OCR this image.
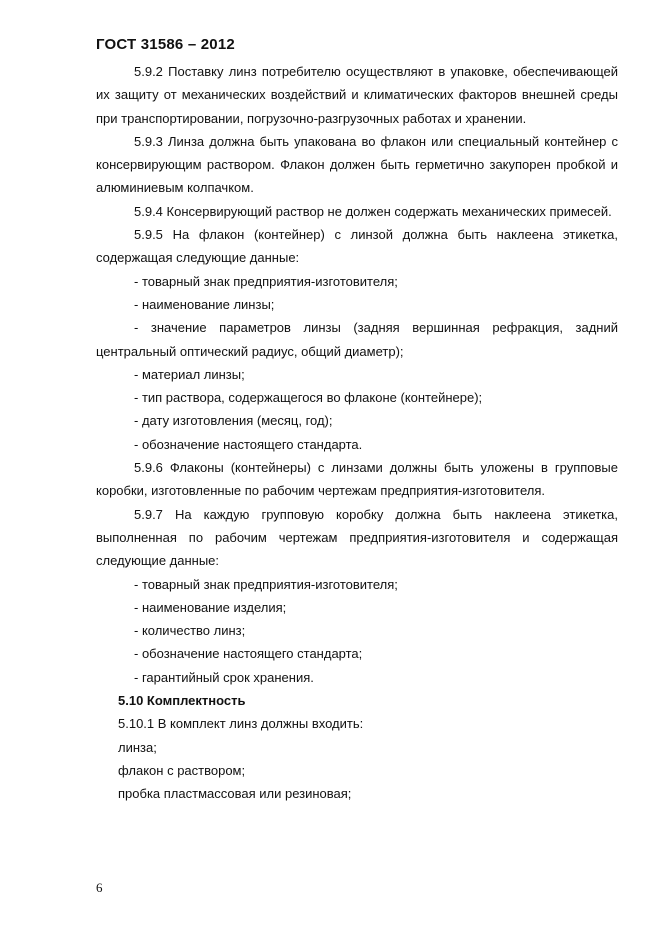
ГОСТ 31586 – 2012

5.9.2 Поставку линз потребителю осуществляют в упаковке, обеспечивающей их защиту от механических воздействий и климатических факторов внешней среды при транспортировании, погрузочно-разгрузочных работах и хранении.

5.9.3 Линза должна быть упакована во флакон или специальный контейнер с консервирующим раствором. Флакон должен быть герметично закупорен пробкой и алюминиевым колпачком.

5.9.4 Консервирующий раствор не должен содержать механических примесей.

5.9.5 На флакон (контейнер) с линзой должна быть наклеена этикетка, содержащая следующие данные:

- товарный знак предприятия-изготовителя;

- наименование линзы;

- значение параметров линзы (задняя вершинная рефракция, задний центральный оптический радиус, общий диаметр);

- материал линзы;

- тип раствора, содержащегося во флаконе (контейнере);

- дату изготовления (месяц, год);

- обозначение настоящего стандарта.

5.9.6 Флаконы (контейнеры) с линзами должны быть уложены в групповые коробки, изготовленные по рабочим чертежам предприятия-изготовителя.

5.9.7 На каждую групповую коробку должна быть наклеена этикетка, выполненная по рабочим чертежам предприятия-изготовителя и содержащая следующие данные:

- товарный знак предприятия-изготовителя;

- наименование изделия;

- количество линз;

- обозначение настоящего стандарта;

- гарантийный срок хранения.

5.10 Комплектность

5.10.1 В комплект линз должны входить:

линза;

флакон с раствором;

пробка пластмассовая или резиновая;

6
